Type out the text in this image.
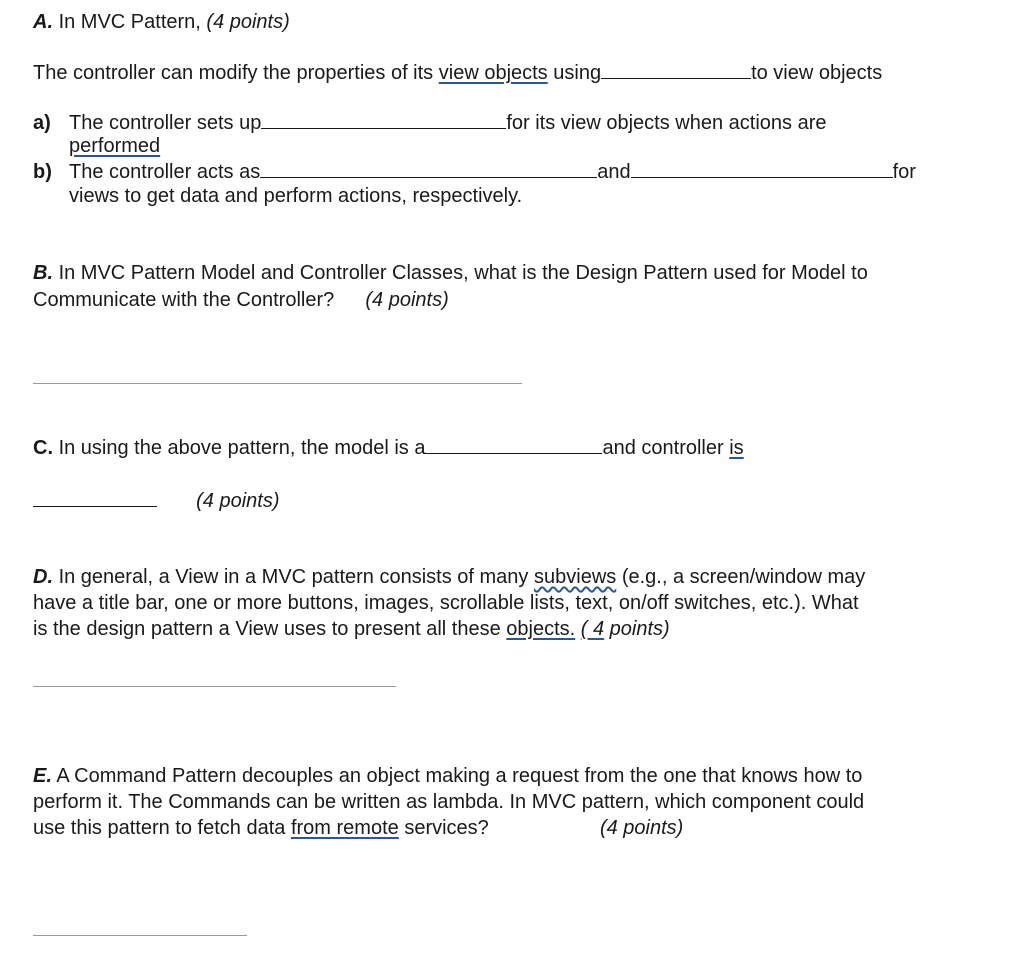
A. In MVC Pattern, (4 points)
The controller can modify the properties of its view objects using	to view objects
a) The controller sets up	for its view objects when actions are
performed
b) The controller acts as	and	for
views to get data and perform actions, respectively.
B. In MVC Pattern Model and Controller Classes, what is the Design Pattern used for Model to
Communicate with the Controller? (4 points)
C. In using the above pattern, the model is a	and controller is
(4 points)
D. In general, a View in a MVC pattern consists of many subviews (e.g., a screen/window may
have a title bar, one or more buttons, images, scrollable lists, text, on/off switches, etc.). What
is the design pattern a View uses to present all these objects. ( 4 points)
E. A Command Pattern decouples an object making a request from the one that knows how to
perform it. The Commands can be written as lambda. In MVC pattern, which component could
use this pattern to fetch data from remote services?	(4 points)
